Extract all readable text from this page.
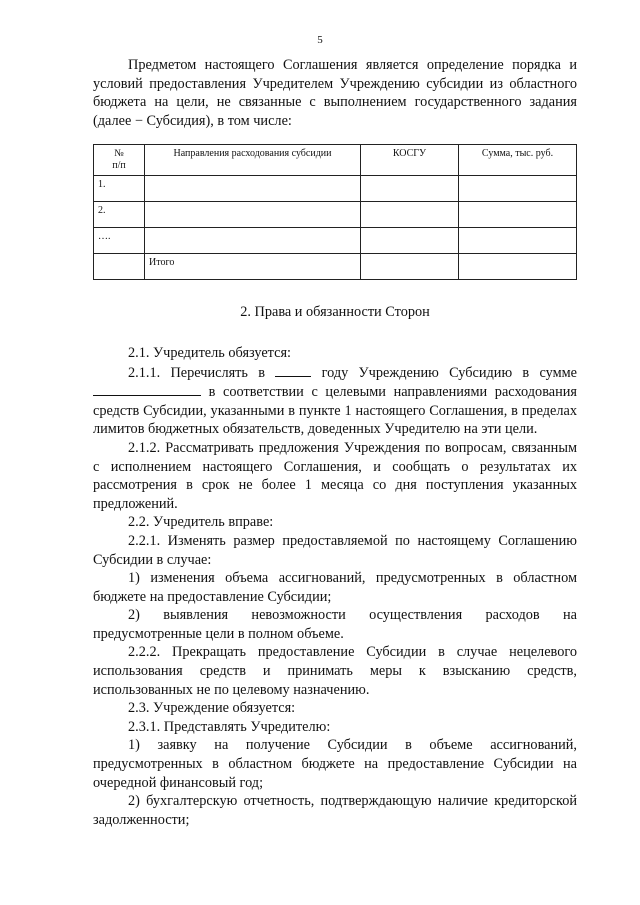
5

Предметом настоящего Соглашения является определение порядка и условий предоставления Учредителем Учреждению субсидии из областного бюджета на цели, не связанные с выполнением государственного задания (далее − Субсидия), в том числе:

№
п/п	Направления расходования субсидии	КОСГУ	Сумма, тыс. руб.
1.			
2.			
….			
	Итого		

2. Права и обязанности Сторон

2.1. Учредитель обязуется:

2.1.1. Перечислять в	году Учреждению Субсидию в сумме

в соответствии с целевыми направлениями расходования средств Субсидии, указанными в пункте 1 настоящего Соглашения, в пределах лимитов бюджетных обязательств, доведенных Учредителю на эти цели.

2.1.2. Рассматривать предложения Учреждения по вопросам, связанным с исполнением настоящего Соглашения, и сообщать о результатах их рассмотрения в срок не более 1 месяца со дня поступления указанных предложений.

2.2. Учредитель вправе:

2.2.1. Изменять размер предоставляемой по настоящему Соглашению Субсидии в случае:

1) изменения объема ассигнований, предусмотренных в областном бюджете на предоставление Субсидии;

2) выявления невозможности осуществления расходов на предусмотренные цели в полном объеме.

2.2.2. Прекращать предоставление Субсидии в случае нецелевого использования средств и принимать меры к взысканию средств, использованных не по целевому назначению.

2.3. Учреждение обязуется:

2.3.1. Представлять Учредителю:

1) заявку на получение Субсидии в объеме ассигнований, предусмотренных в областном бюджете на предоставление Субсидии на очередной финансовый год;

2) бухгалтерскую отчетность, подтверждающую наличие кредиторской задолженности;
